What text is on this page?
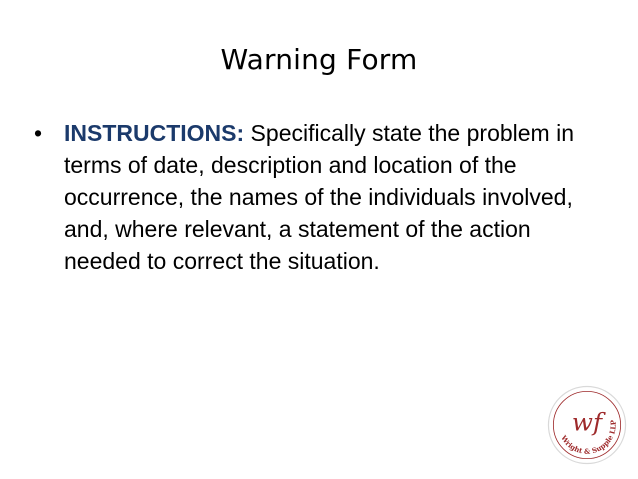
Warning Form
• INSTRUCTIONS: Specifically state the problem in terms of date, description and location of the occurrence, the names of the individuals involved, and, where relevant, a statement of the action needed to correct the situation.
Wright & Supple LLP
wf
